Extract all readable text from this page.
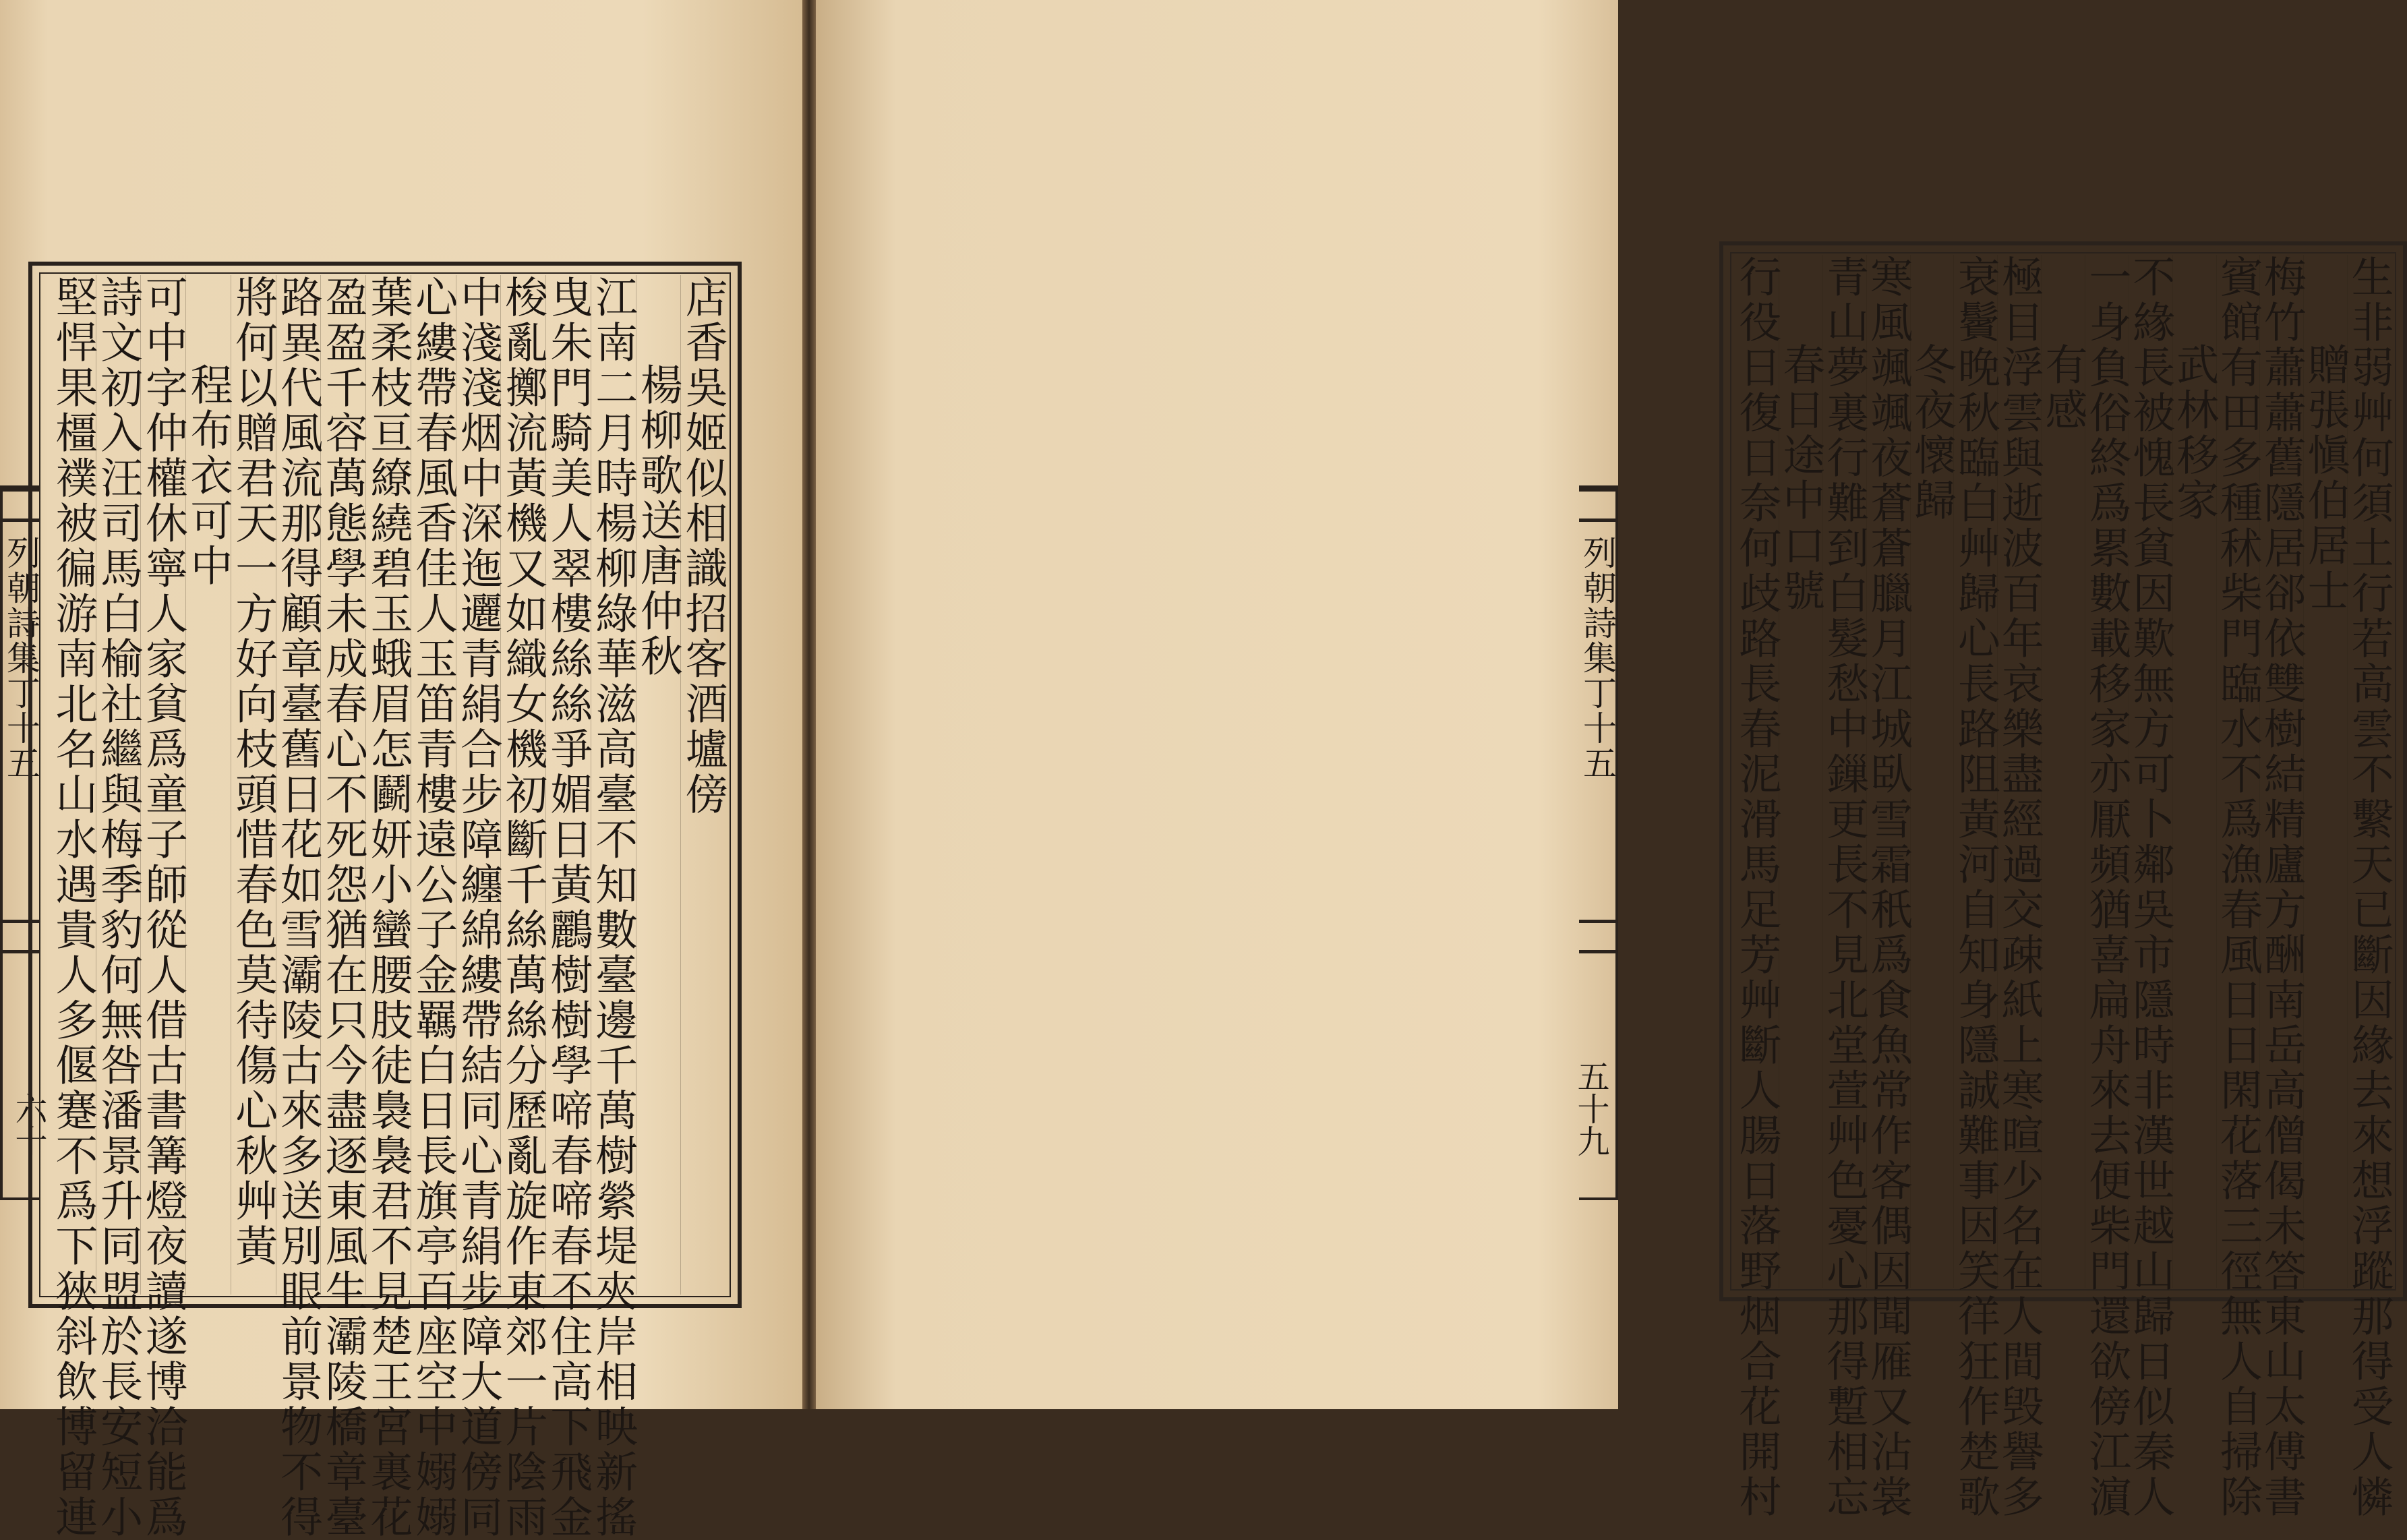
列朝詩集丁十五
六十
店香吳姬似相識招客酒壚傍
楊柳歌送唐仲秋
江南二月時楊柳綠華滋高臺不知數臺邊千萬樹縈堤夾岸相映新搖
曳朱門騎美人翠樓絲絲爭媚日黃鸝樹樹學啼春啼春不住高下飛金
梭亂擲流黃機又如織女機初斷千絲萬絲分歷亂旋作東郊一片陰雨
中淺淺烟中深迤邐青絹合步障纏綿縷帶結同心青絹步障大道傍同
心縷帶春風香佳人玉笛青樓遠公子金羈白日長旗亭百座空中嫋嫋
葉柔枝亘繚繞碧玉蛾眉怎鬬妍小蠻腰肢徒裊裊君不見楚王宮裏花
盈盈千容萬態學未成春心不死怨猶在只今盡逐東風生灞陵橋章臺
路異代風流那得顧章臺舊日花如雪灞陵古來多送別眼前景物不得
將何以贈君天一方好向枝頭惜春色莫待傷心秋艸黃
程布衣可中
可中字仲權休寧人家貧爲童子師從人借古書篝燈夜讀遂博洽能爲
詩文初入汪司馬白榆社繼與梅季豹何無咎潘景升同盟於長安短小
堅悍果橿襆被徧游南北名山水遇貴人多偃蹇不爲下狹斜飲博留連	生非弱艸何須土行若高雲不繫天已斷因緣去來想浮蹤那得受人憐
贈張愼伯居士
梅竹蕭蕭舊隱居郤依雙樹結精廬方酬南岳高僧偈未答東山太傅書
賓館有田多種秫柴門臨水不爲漁春風日日閑花落三徑無人自掃除
武林移家
不緣長被愧長貧因歎無方可卜鄰吳市隱時非漢世越山歸日似秦人
一身負俗終爲累數載移家亦厭頻猶喜扁舟來去便柴門還欲傍江濵
有感
極目浮雲與逝波百年哀樂盡經過交疎紙上寒暄少名在人間毁譽多
衰鬢晚秋臨白艸歸心長路阻黃河自知身隱誠難事因笑徉狂作楚歌
冬夜懷歸
寒風颯颯夜蒼蒼臘月江城臥雪霜秖爲食魚常作客偶因聞雁又沾裳
青山夢裏行難到白髮愁中鏁更長不見北堂萱艸色憂心那得蹔相忘
春日途中口號
行役日復日奈何歧路長春泥滑馬足芳艸斷人腸日落野烟合花開村
列朝詩集丁十五
五十九
